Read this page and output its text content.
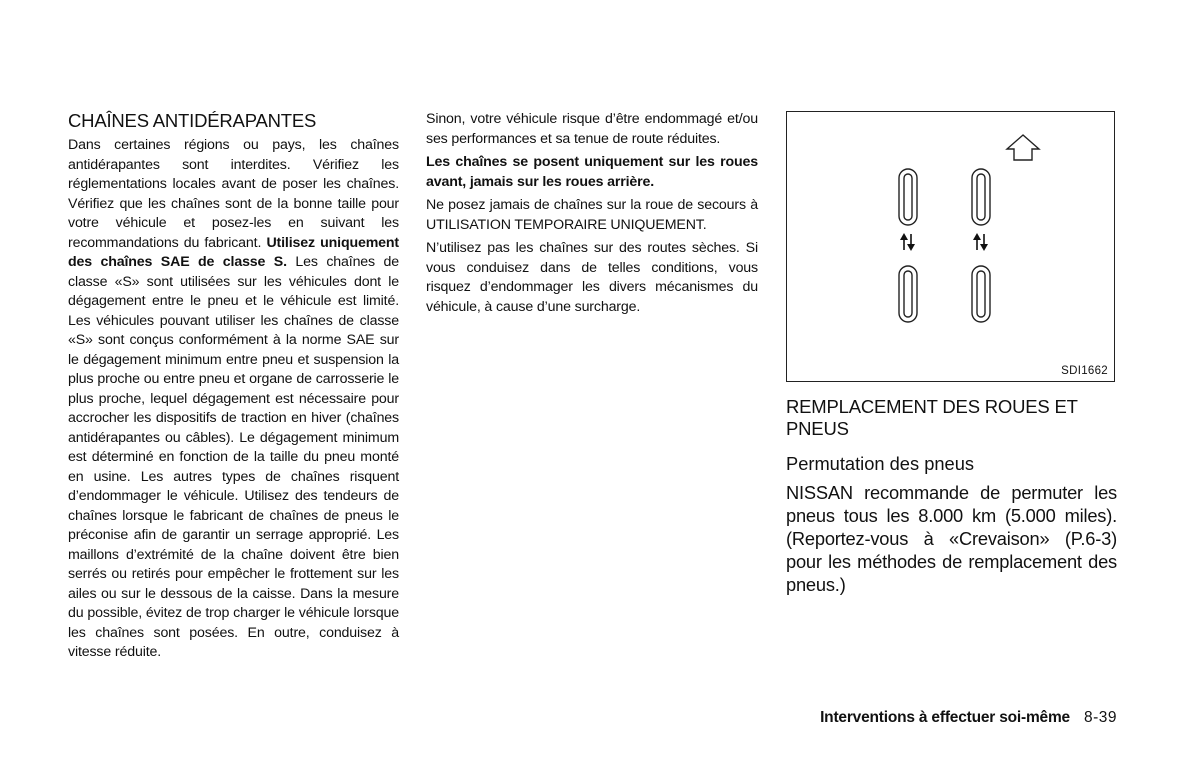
CHAÎNES ANTIDÉRAPANTES

Dans certaines régions ou pays, les chaînes antidérapantes sont interdites. Vérifiez les réglementations locales avant de poser les chaînes. Vérifiez que les chaînes sont de la bonne taille pour votre véhicule et posez-les en suivant les recommandations du fabricant. Utilisez uniquement des chaînes SAE de classe S. Les chaînes de classe «S» sont utilisées sur les véhicules dont le dégagement entre le pneu et le véhicule est limité. Les véhicules pouvant utiliser les chaînes de classe «S» sont conçus conformément à la norme SAE sur le dégagement minimum entre pneu et suspension la plus proche ou entre pneu et organe de carrosserie le plus proche, lequel dégagement est nécessaire pour accrocher les dispositifs de traction en hiver (chaînes antidérapantes ou câbles). Le dégagement minimum est déterminé en fonction de la taille du pneu monté en usine. Les autres types de chaînes risquent d’endommager le véhicule. Utilisez des tendeurs de chaînes lorsque le fabricant de chaînes de pneus le préconise afin de garantir un serrage approprié. Les maillons d’extrémité de la chaîne doivent être bien serrés ou retirés pour empêcher le frottement sur les ailes ou sur le dessous de la caisse. Dans la mesure du possible, évitez de trop charger le véhicule lorsque les chaînes sont posées. En outre, conduisez à vitesse réduite.

Sinon, votre véhicule risque d’être endommagé et/ou ses performances et sa tenue de route réduites.

Les chaînes se posent uniquement sur les roues avant, jamais sur les roues arrière.

Ne posez jamais de chaînes sur la roue de secours à UTILISATION TEMPORAIRE UNIQUEMENT.

N’utilisez pas les chaînes sur des routes sèches. Si vous conduisez dans de telles conditions, vous risquez d’endommager les divers mécanismes du véhicule, à cause d’une surcharge.

SDI1662
REMPLACEMENT DES ROUES ET PNEUS
Permutation des pneus

NISSAN recommande de permuter les pneus tous les 8.000 km (5.000 miles). (Reportez-vous à «Crevaison» (P.6-3) pour les méthodes de remplacement des pneus.)

Interventions à effectuer soi-même 8-39
